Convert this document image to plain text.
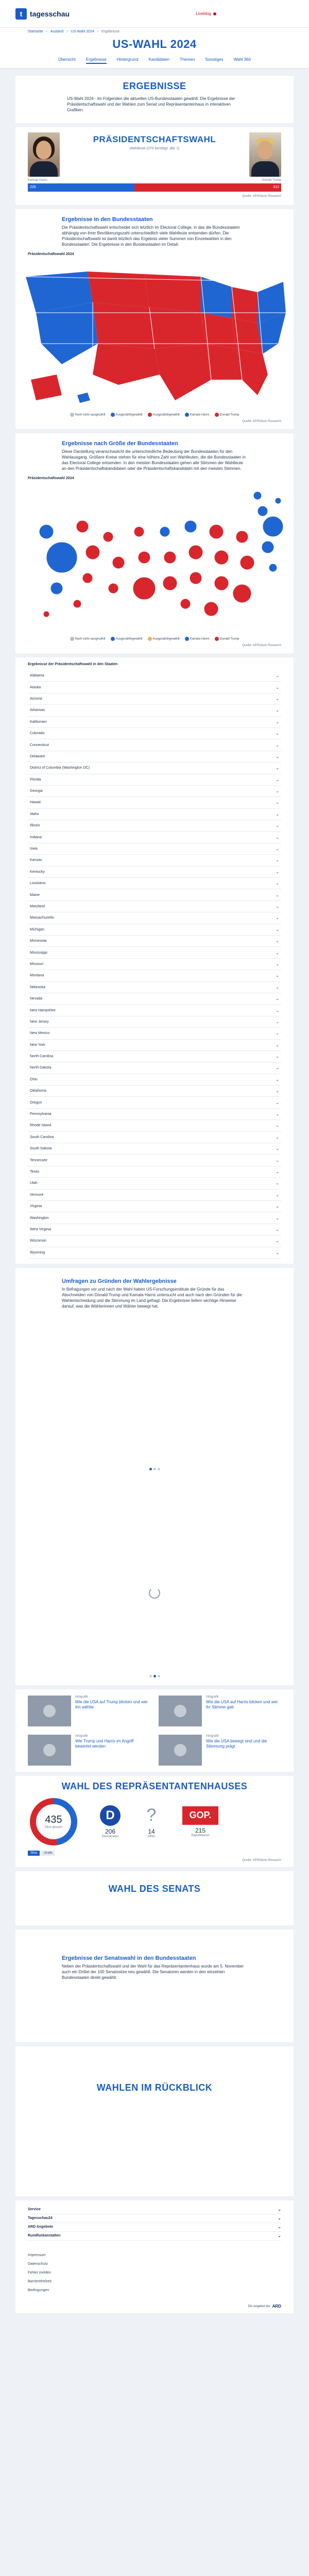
t	tagesschau	Liveblog
Startseite › Ausland › US-Wahl 2024 › Ergebnisse
US-WAHL 2024
Übersicht	Ergebnisse	Hintergrund	Kandidaten	Themen	Sonstiges	Wahl 360
ERGEBNISSE

US-Wahl 2024 - Im Folgenden die aktuellen US-Bundesstaaten gewählt. Die Ergebnisse der Präsidentschaftswahl und der Wahlen zum Senat und Repräsentantenhaus in interaktiven Grafiken.

PRÄSIDENTSCHAFTSWAHL
Wahlleute (270 benötigt: alle 1)
Kamala Harris	Donald Trump
226	312
Quelle: AP/Edison Research
Ergebnisse in den Bundesstaaten

Die Präsidentschaftswahl entscheidet sich letztlich im Electoral College, in das die Bundesstaaten abhängig von ihrer Bevölkerungszahl unterschiedlich viele Wahlleute entsenden dürfen. Die Präsidentschaftswahl ist damit letztlich das Ergebnis vieler Summen von Einzelwahlen in den Bundesstaaten. Die Ergebnisse in den Bundesstaaten im Detail:

Präsidentschaftswahl 2024
Noch nicht ausgezählt	Ausgezählt/gewählt	Ausgezählt/gewählt	Kamala Harris	Donald Trump
Quelle: AP/Edison Research
Ergebnisse nach Größe der Bundesstaaten

Diese Darstellung veranschaulicht die unterschiedliche Bedeutung der Bundesstaaten für den Wahlausgang. Größere Kreise stehen für eine höhere Zahl von Wahlleuten, die die Bundesstaaten in das Electoral College entsenden. In den meisten Bundesstaaten gehen alle Stimmen der Wahlleute an den Präsidentschaftskandidaten oder die Präsidentschaftskandidatin mit den meisten Stimmen.

Präsidentschaftswahl 2024
Noch nicht ausgezählt	Ausgezählt/gewählt	Ausgezählt/gewählt	Kamala Harris	Donald Trump
Quelle: AP/Edison Research
Ergebnisse der Präsidentschaftswahl in den Staaten
Alabama	⌄
Alaska	⌄
Arizona	⌄
Arkansas	⌄
Kalifornien	⌄
Colorado	⌄
Connecticut	⌄
Delaware	⌄
District of Columbia (Washington DC)	⌄
Florida	⌄
Georgia	⌄
Hawaii	⌄
Idaho	⌄
Illinois	⌄
Indiana	⌄
Iowa	⌄
Kansas	⌄
Kentucky	⌄
Louisiana	⌄
Maine	⌄
Maryland	⌄
Massachusetts	⌄
Michigan	⌄
Minnesota	⌄
Mississippi	⌄
Missouri	⌄
Montana	⌄
Nebraska	⌄
Nevada	⌄
New Hampshire	⌄
New Jersey	⌄
New Mexico	⌄
New York	⌄
North Carolina	⌄
North Dakota	⌄
Ohio	⌄
Oklahoma	⌄
Oregon	⌄
Pennsylvania	⌄
Rhode Island	⌄
South Carolina	⌄
South Dakota	⌄
Tennessee	⌄
Texas	⌄
Utah	⌄
Vermont	⌄
Virginia	⌄
Washington	⌄
West Virginia	⌄
Wisconsin	⌄
Wyoming	⌄
Umfragen zu Gründen der Wahlergebnisse

In Befragungen vor und nach der Wahl haben US-Forschungsinstitute die Gründe für das Abschneiden von Donald Trump und Kamala Harris untersucht und auch nach den Gründen für die Wahlentscheidung und die Stimmung im Land gefragt. Die Ergebnisse liefern wichtige Hinweise darauf, was die Wählerinnen und Wähler bewegt hat.

Infografik
Wie die USA auf Trump blicken und wer ihn wählte
Infografik
Wie die USA auf Harris blicken und wer ihr Stimme gab
Infografik
Wie Trump und Harris im Angriff bewertet werden
Infografik
Wie die USA bewegt sind und die Stimmung prägt
WAHL DES REPRÄSENTANTENHAUSES
435
Sitze gesamt
D
206
Demokraten
?
14
Offen
GOP.
215
Republikaner
Sitze	Grafik
Quelle: AP/Edison Research
WAHL DES SENATS
Ergebnisse der Senatswahl in den Bundesstaaten

Neben der Präsidentschaftswahl und der Wahl für das Repräsentantenhaus wurde am 5. November auch ein Drittel der 100 Senatssitze neu gewählt. Die Senatoren werden in den einzelnen Bundesstaaten direkt gewählt.

WAHLEN IM RÜCKBLICK
Service	⌄
Tagesschau24	⌄
ARD Angebote	⌄
Rundfunkanstalten	⌄
Impressum
Datenschutz
Fehler melden
Barrierefreiheit
Bedingungen
Ein Angebot der ARD
